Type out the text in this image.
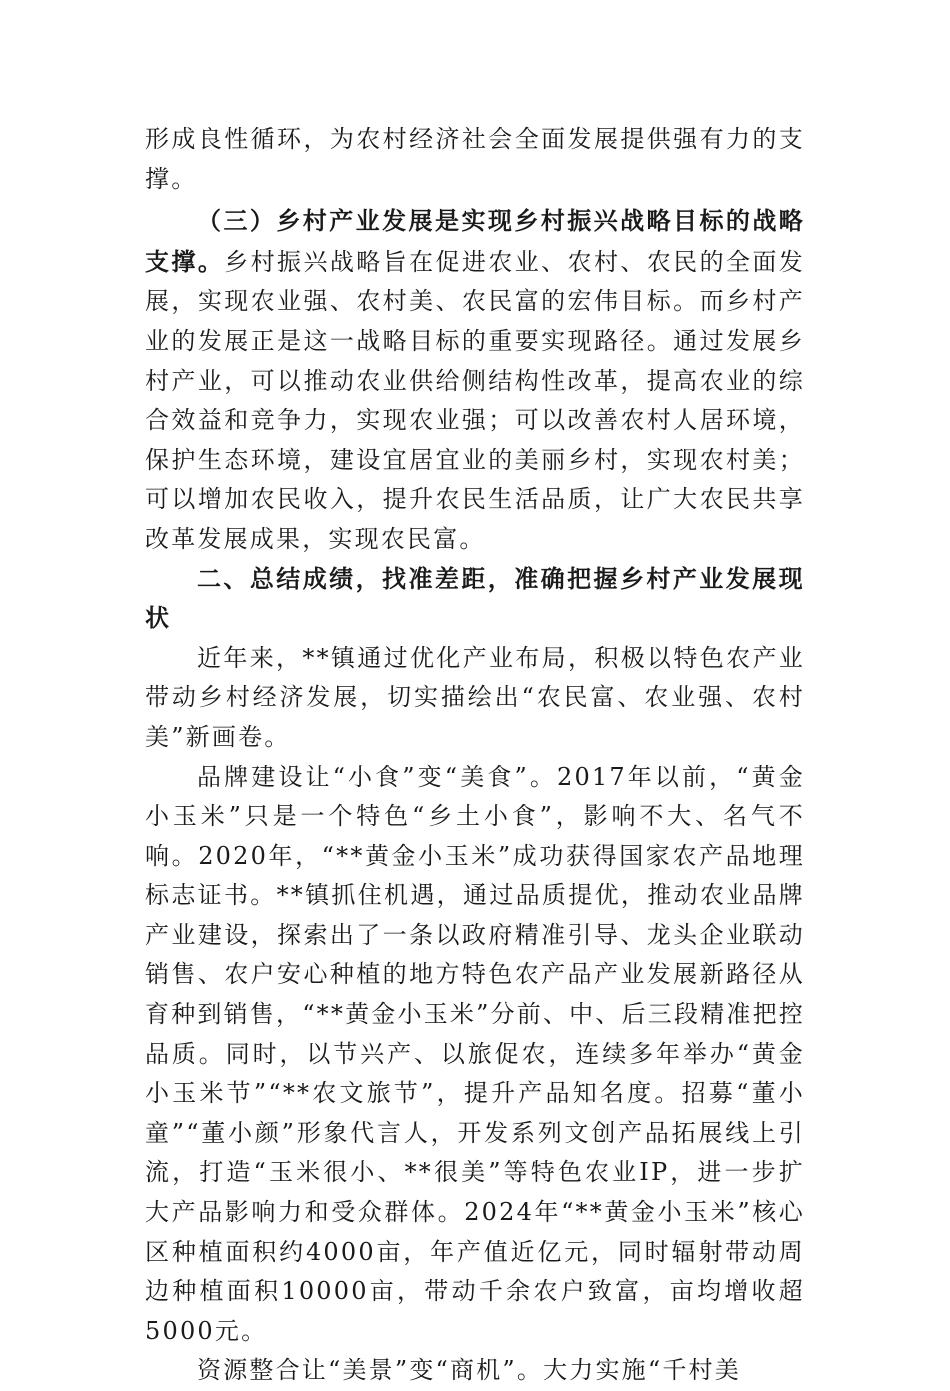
形成良性循环，为农村经济社会全面发展提供强有力的支撑。

（三）乡村产业发展是实现乡村振兴战略目标的战略支撑。乡村振兴战略旨在促进农业、农村、农民的全面发展，实现农业强、农村美、农民富的宏伟目标。而乡村产业的发展正是这一战略目标的重要实现路径。通过发展乡村产业，可以推动农业供给侧结构性改革，提高农业的综合效益和竞争力，实现农业强；可以改善农村人居环境，保护生态环境，建设宜居宜业的美丽乡村，实现农村美；可以增加农民收入，提升农民生活品质，让广大农民共享改革发展成果，实现农民富。

二、总结成绩，找准差距，准确把握乡村产业发展现状

近年来，**镇通过优化产业布局，积极以特色农产业带动乡村经济发展，切实描绘出“农民富、农业强、农村美”新画卷。

品牌建设让“小食”变“美食”。2017年以前，“黄金小玉米”只是一个特色“乡土小食”，影响不大、名气不响。2020年，“**黄金小玉米”成功获得国家农产品地理标志证书。**镇抓住机遇，通过品质提优，推动农业品牌产业建设，探索出了一条以政府精准引导、龙头企业联动销售、农户安心种植的地方特色农产品产业发展新路径从育种到销售，“**黄金小玉米”分前、中、后三段精准把控品质。同时，以节兴产、以旅促农，连续多年举办“黄金小玉米节”“**农文旅节”，提升产品知名度。招募“董小童”“董小颜”形象代言人，开发系列文创产品拓展线上引流，打造“玉米很小、**很美”等特色农业IP，进一步扩大产品影响力和受众群体。2024年“**黄金小玉米”核心区种植面积约4000亩，年产值近亿元，同时辐射带动周边种植面积10000亩，带动千余农户致富，亩均增收超5000元。

资源整合让“美景”变“商机”。大力实施“千村美
